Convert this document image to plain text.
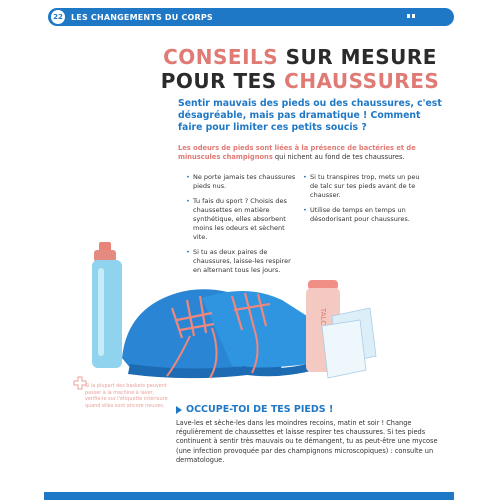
22 LES CHANGEMENTS DU CORPS
CONSEILS SUR MESURE
POUR TES CHAUSSURES
Sentir mauvais des pieds ou des chaussures, c'est désagréable, mais pas dramatique ! Comment faire pour limiter ces petits soucis ?
Les odeurs de pieds sont liées à la présence de bactéries et de minuscules champignons qui nichent au fond de tes chaussures.

• Ne porte jamais tes chaussures pieds nus.

• Tu fais du sport ? Choisis des chaussettes en matière synthétique, elles absorbent moins les odeurs et sèchent vite.

• Si tu as deux paires de chaussures, laisse-les respirer en alternant tous les jours.

• Si tu transpires trop, mets un peu de talc sur tes pieds avant de te chausser.

• Utilise de temps en temps un désodorisant pour chaussures.

TALC
Si la plupart des baskets peuvent passer à la machine à laver, vérifie-le sur l'étiquette intérieure quand elles sont encore neuves.	OCCUPE-TOI DE TES PIEDS !
Lave-les et sèche-les dans les moindres recoins, matin et soir ! Change régulièrement de chaussettes et laisse respirer tes chaussures. Si tes pieds continuent à sentir très mauvais ou te démangent, tu as peut-être une mycose (une infection provoquée par des champignons microscopiques) : consulte un dermatologue.
